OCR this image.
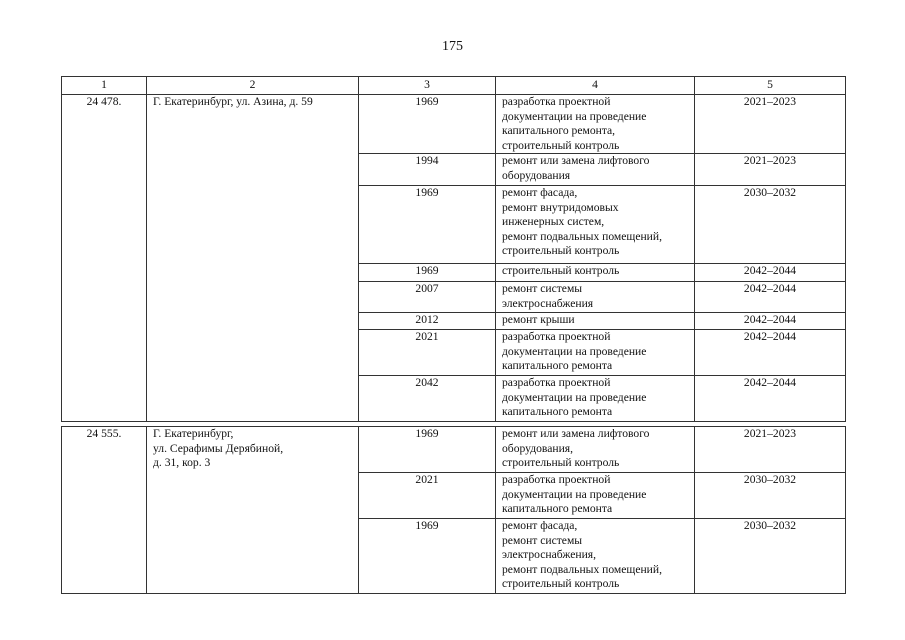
175
1	2	3	4	5
24 478.	Г. Екатеринбург, ул. Азина, д. 59	1969	разработка проектной
документации на проведение
капитального ремонта,
строительный контроль	2021–2023
		1994	ремонт или замена лифтового
оборудования	2021–2023
		1969	ремонт фасада,
ремонт внутридомовых
инженерных систем,
ремонт подвальных помещений,
строительный контроль	2030–2032
		1969	строительный контроль	2042–2044
		2007	ремонт системы
электроснабжения	2042–2044
		2012	ремонт крыши	2042–2044
		2021	разработка проектной
документации на проведение
капитального ремонта	2042–2044
		2042	разработка проектной
документации на проведение
капитального ремонта	2042–2044
24 555.	Г. Екатеринбург,
ул. Серафимы Дерябиной,
д. 31, кор. 3	1969	ремонт или замена лифтового
оборудования,
строительный контроль	2021–2023
		2021	разработка проектной
документации на проведение
капитального ремонта	2030–2032
		1969	ремонт фасада,
ремонт системы
электроснабжения,
ремонт подвальных помещений,
строительный контроль	2030–2032
